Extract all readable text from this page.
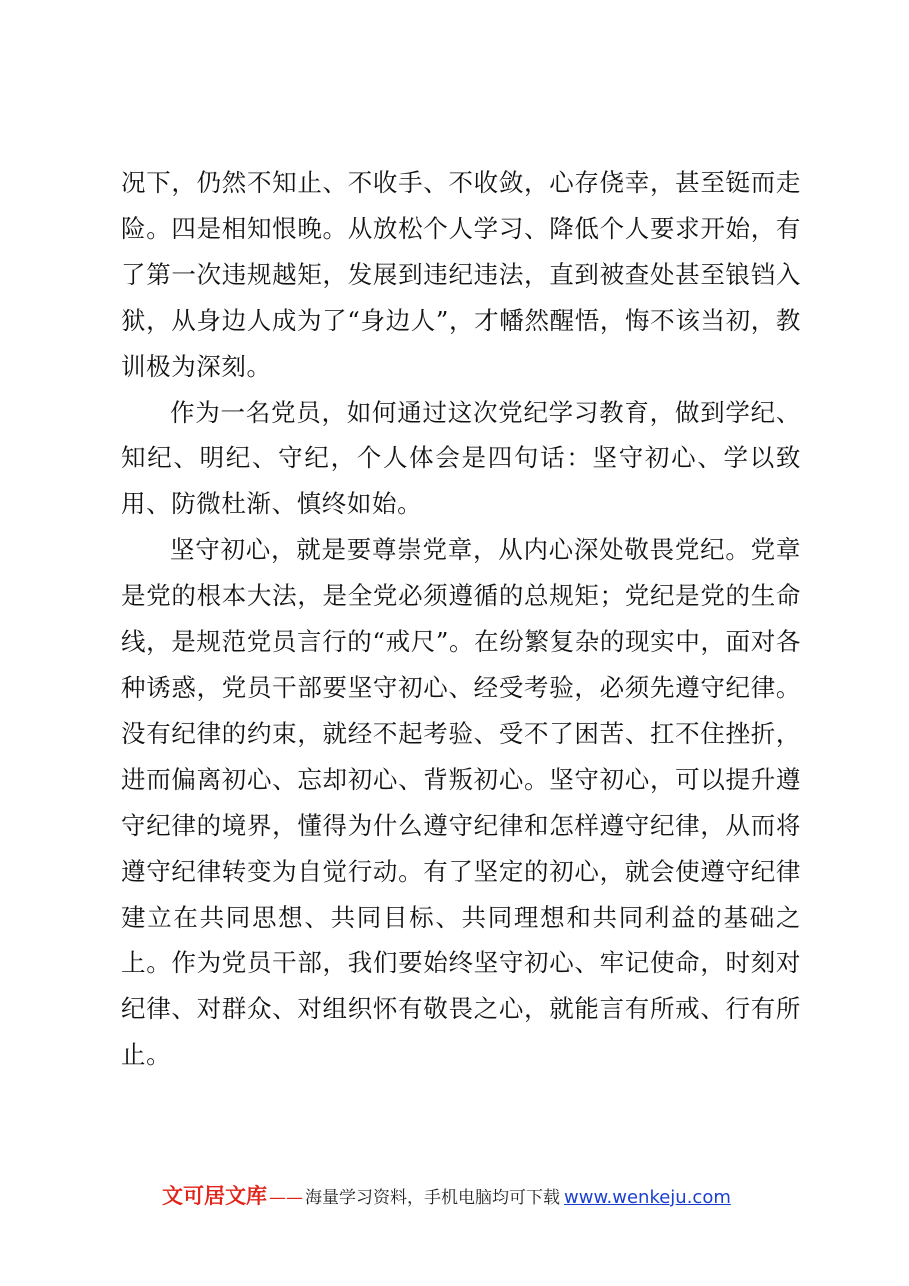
况下，仍然不知止、不收手、不收敛，心存侥幸，甚至铤而走险。四是相知恨晚。从放松个人学习、降低个人要求开始，有了第一次违规越矩，发展到违纪违法，直到被查处甚至锒铛入狱，从身边人成为了“身边人”，才幡然醒悟，悔不该当初，教训极为深刻。

作为一名党员，如何通过这次党纪学习教育，做到学纪、知纪、明纪、守纪，个人体会是四句话：坚守初心、学以致用、防微杜渐、慎终如始。

坚守初心，就是要尊崇党章，从内心深处敬畏党纪。党章是党的根本大法，是全党必须遵循的总规矩；党纪是党的生命线，是规范党员言行的“戒尺”。在纷繁复杂的现实中，面对各种诱惑，党员干部要坚守初心、经受考验，必须先遵守纪律。没有纪律的约束，就经不起考验、受不了困苦、扛不住挫折，进而偏离初心、忘却初心、背叛初心。坚守初心，可以提升遵守纪律的境界，懂得为什么遵守纪律和怎样遵守纪律，从而将遵守纪律转变为自觉行动。有了坚定的初心，就会使遵守纪律建立在共同思想、共同目标、共同理想和共同利益的基础之上。作为党员干部，我们要始终坚守初心、牢记使命，时刻对纪律、对群众、对组织怀有敬畏之心，就能言有所戒、行有所止。

文可居文库 —— 海量学习资料，手机电脑均可下载 www.wenkeju.com
